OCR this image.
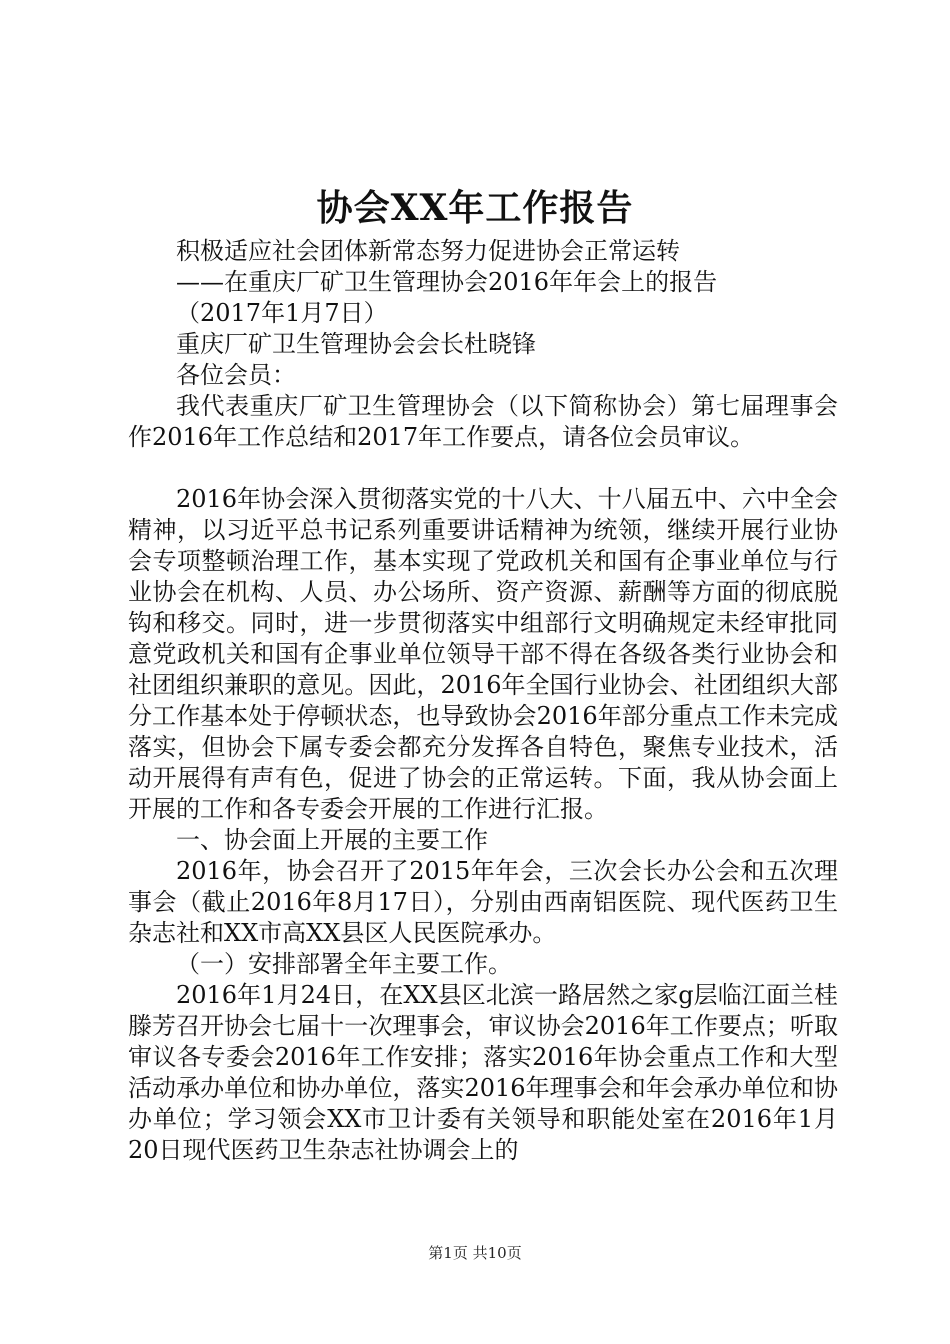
协会XX年工作报告

积极适应社会团体新常态努力促进协会正常运转

——在重庆厂矿卫生管理协会2016年年会上的报告

（2017年1月7日）

重庆厂矿卫生管理协会会长杜晓锋

各位会员：

我代表重庆厂矿卫生管理协会（以下简称协会）第七届理事会作2016年工作总结和2017年工作要点，请各位会员审议。

2016年协会深入贯彻落实党的十八大、十八届五中、六中全会精神，以习近平总书记系列重要讲话精神为统领，继续开展行业协会专项整顿治理工作，基本实现了党政机关和国有企事业单位与行业协会在机构、人员、办公场所、资产资源、薪酬等方面的彻底脱钩和移交。同时，进一步贯彻落实中组部行文明确规定未经审批同意党政机关和国有企事业单位领导干部不得在各级各类行业协会和社团组织兼职的意见。因此，2016年全国行业协会、社团组织大部分工作基本处于停顿状态，也导致协会2016年部分重点工作未完成落实，但协会下属专委会都充分发挥各自特色，聚焦专业技术，活动开展得有声有色，促进了协会的正常运转。下面，我从协会面上开展的工作和各专委会开展的工作进行汇报。

一、协会面上开展的主要工作

2016年，协会召开了2015年年会，三次会长办公会和五次理事会（截止2016年8月17日），分别由西南铝医院、现代医药卫生杂志社和XX市高XX县区人民医院承办。

（一）安排部署全年主要工作。

2016年1月24日，在XX县区北滨一路居然之家g层临江面兰桂滕芳召开协会七届十一次理事会，审议协会2016年工作要点；听取审议各专委会2016年工作安排；落实2016年协会重点工作和大型活动承办单位和协办单位，落实2016年理事会和年会承办单位和协办单位；学习领会XX市卫计委有关领导和职能处室在2016年1月20日现代医药卫生杂志社协调会上的

第1页 共10页
